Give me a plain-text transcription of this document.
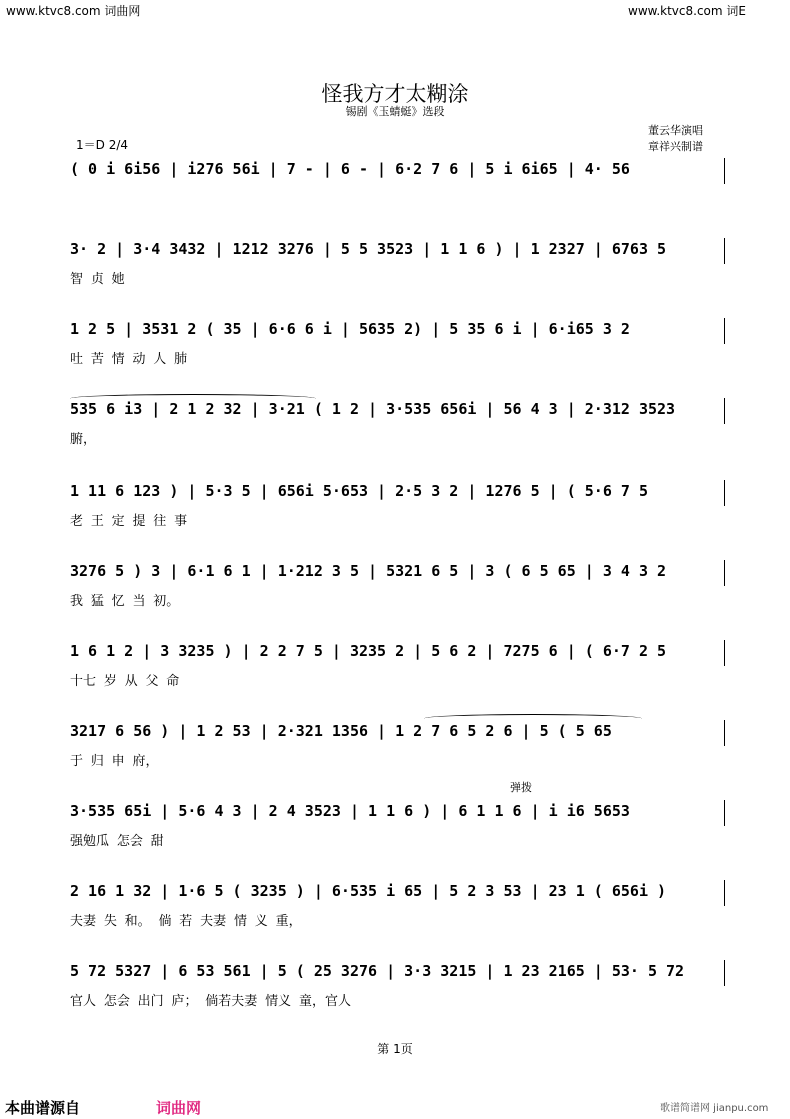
www.ktvc8.com 词曲网	www.ktvc8.com 词E
怪我方才太糊涂
锡剧《玉蜻蜓》选段
1＝D 2/4
董云华演唱
章祥兴制谱
( 0 i 6i56 | i276 56i | 7 - | 6 - | 6·2 7 6 | 5 i 6i65 | 4· 56
3· 2 | 3·4 3432 | 1212 3276 | 5 5 3523 | 1 1 6 ) | 1 2327 | 6763 5
智 贞 她
1 2 5 | 3531 2 ( 35 | 6·6 6 i | 5635 2) | 5 35 6 i | 6·i65 3 2
吐 苦 情 动 人 肺
535 6 i3 | 2 1 2 32 | 3·21 ( 1 2 | 3·535 656i | 56 4 3 | 2·312 3523
腑，
1 11 6 123 ) | 5·3 5 | 656i 5·653 | 2·5 3 2 | 1276 5 | ( 5·6 7 5
老 王 定 提 往 事
3276 5 ) 3 | 6·1 6 1 | 1·212 3 5 | 5321 6 5 | 3 ( 6 5 65 | 3 4 3 2
我 猛 忆 当 初。
1 6 1 2 | 3 3235 ) | 2 2 7 5 | 3235 2 | 5 6 2 | 7275 6 | ( 6·7 2 5
十七 岁 从 父 命
3217 6 56 ) | 1 2 53 | 2·321 1356 | 1 2 7 6 5 2 6 | 5 ( 5 65
于 归 申 府，
弹拨
3·535 65i | 5·6 4 3 | 2 4 3523 | 1 1 6 ) | 6 1 1 6 | i i6 5653
强勉瓜 怎会 甜
2 16 1 32 | 1·6 5 ( 3235 ) | 6·535 i 65 | 5 2 3 53 | 23 1 ( 656i )
夫妻 失 和。 倘 若 夫妻 情 义 重，
5 72 5327 | 6 53 561 | 5 ( 25 3276 | 3·3 3215 | 1 23 2165 | 53· 5 72
官人 怎会 出门 庐； 倘若夫妻 情义 童，官人
第 1页
本曲谱源自	词曲网	歌谱简谱网 jianpu.com
